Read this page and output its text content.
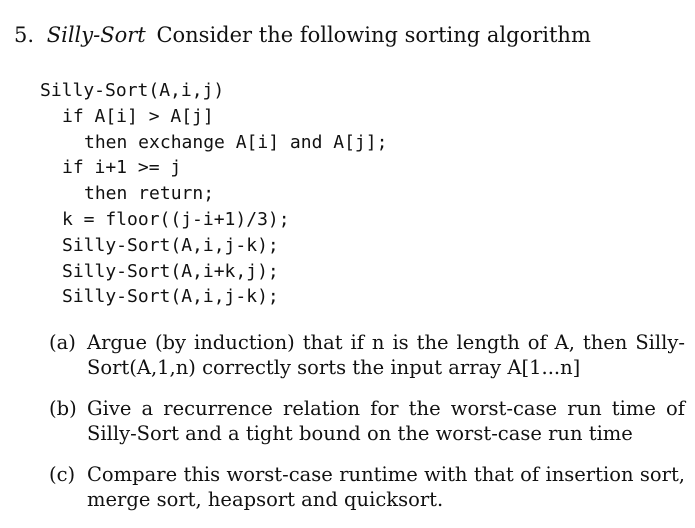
5. Silly-Sort Consider the following sorting algorithm
Silly-Sort(A,i,j)
if A[i] > A[j]
then exchange A[i] and A[j];
if i+1 >= j
then return;
k = floor((j-i+1)/3);
Silly-Sort(A,i,j-k);
Silly-Sort(A,i+k,j);
Silly-Sort(A,i,j-k);
(a) Argue (by induction) that if n is the length of A, then Silly-Sort(A,1,n) correctly sorts the input array A[1...n]
(b) Give a recurrence relation for the worst-case run time of Silly-Sort and a tight bound on the worst-case run time
(c) Compare this worst-case runtime with that of insertion sort, merge sort, heapsort and quicksort.
